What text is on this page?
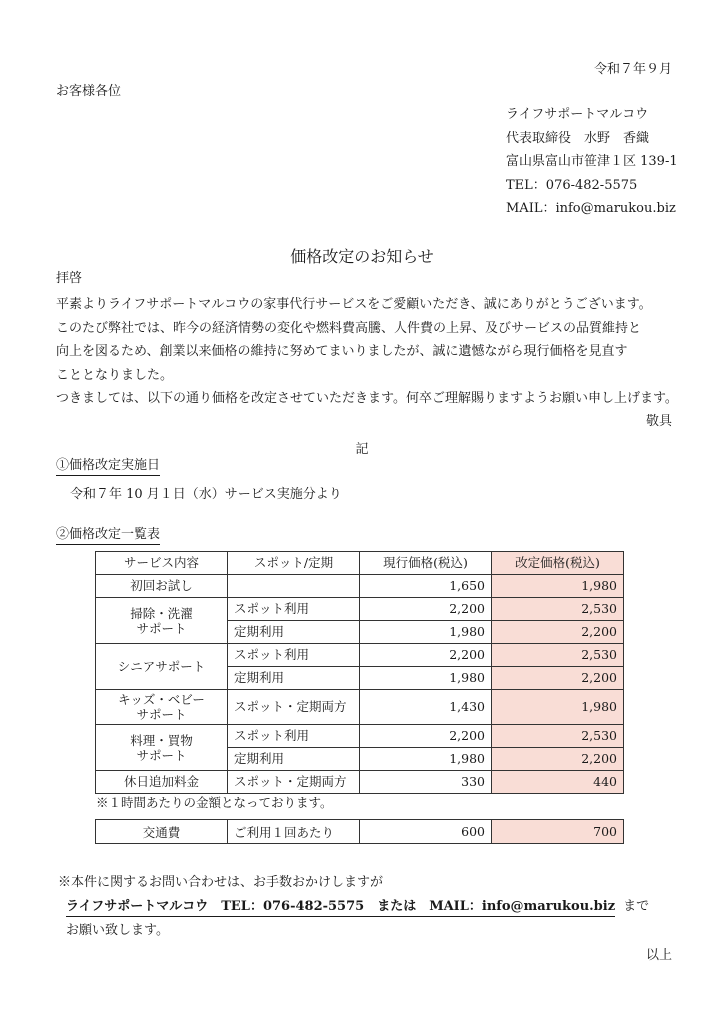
令和７年９月
お客様各位
ライフサポートマルコウ
代表取締役　水野　香織
富山県富山市笹津１区 139-1
TEL：076-482-5575
MAIL：info@marukou.biz
価格改定のお知らせ
拝啓
平素よりライフサポートマルコウの家事代行サービスをご愛顧いただき、誠にありがとうございます。
このたび弊社では、昨今の経済情勢の変化や燃料費高騰、人件費の上昇、及びサービスの品質維持と
向上を図るため、創業以来価格の維持に努めてまいりましたが、誠に遺憾ながら現行価格を見直す
こととなりました。
つきましては、以下の通り価格を改定させていただきます。何卒ご理解賜りますようお願い申し上げます。
敬具
記
①価格改定実施日
令和７年 10 月１日（水）サービス実施分より
②価格改定一覧表
サービス内容	スポット/定期	現行価格(税込)	改定価格(税込)
初回お試し		1,650	1,980
掃除・洗濯
サポート	スポット利用	2,200	2,530
	定期利用	1,980	2,200
シニアサポート	スポット利用	2,200	2,530
	定期利用	1,980	2,200
キッズ・ベビー
サポート	スポット・定期両方	1,430	1,980
料理・買物
サポート	スポット利用	2,200	2,530
	定期利用	1,980	2,200
休日追加料金	スポット・定期両方	330	440
※１時間あたりの金額となっております。
交通費	ご利用１回あたり	600	700
※本件に関するお問い合わせは、お手数おかけしますが
ライフサポートマルコウ　TEL：076-482-5575　または　MAIL：info@marukou.biz まで
お願い致します。
以上
